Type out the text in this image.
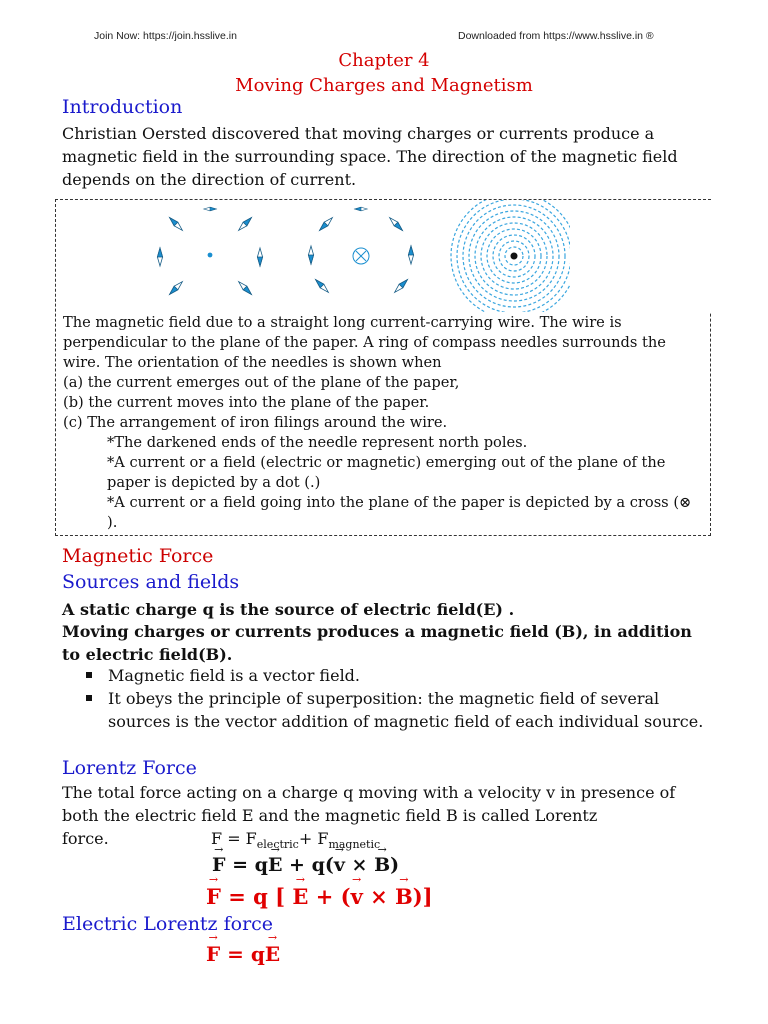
Join Now: https://join.hsslive.in	Downloaded from https://www.hsslive.in ®
Chapter 4
Moving Charges and Magnetism
Introduction
Christian Oersted discovered that moving charges or currents produce a magnetic field in the surrounding space. The direction of the magnetic field depends on the direction of current.
The magnetic field due to a straight long current-carrying wire. The wire is perpendicular to the plane of the paper. A ring of compass needles surrounds the wire. The orientation of the needles is shown when
(a) the current emerges out of the plane of the paper,
(b) the current moves into the plane of the paper.
(c) The arrangement of iron filings around the wire.
*The darkened ends of the needle represent north poles.
*A current or a field (electric or magnetic) emerging out of the plane of the paper is depicted by a dot (.)
*A current or a field going into the plane of the paper is depicted by a cross (⊗ ).
Magnetic Force
Sources and fields
A static charge q is the source of electric field(E) .
Moving charges or currents produces a magnetic field (B), in addition to electric field(B).
Magnetic field is a vector field.
It obeys the principle of superposition: the magnetic field of several sources is the vector addition of magnetic field of each individual source.
Lorentz Force
The total force acting on a charge q moving with a velocity v in presence of both the electric field E and the magnetic field B is called Lorentz
force.	$F = F_{electric}+ F_{magnetic}$
→ F = q→ E + q(→ v × → B)
→ F = q [ → E + (→ v × → B)]
Electric Lorentz force
→ F = q→ E
